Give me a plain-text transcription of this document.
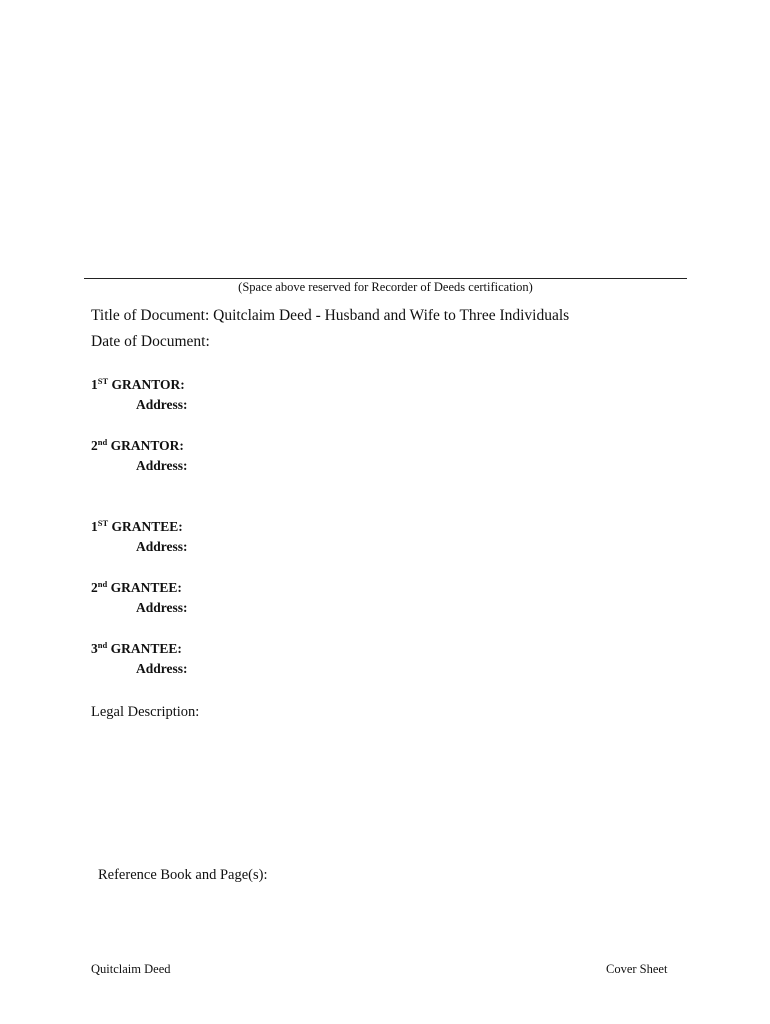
(Space above reserved for Recorder of Deeds certification)
Title of Document: Quitclaim Deed - Husband and Wife to Three Individuals
Date of Document:
1ST GRANTOR:
Address:
2nd GRANTOR:
Address:
1ST GRANTEE:
Address:
2nd GRANTEE:
Address:
3nd GRANTEE:
Address:
Legal Description:
Reference Book and Page(s):
Quitclaim Deed	Cover Sheet
